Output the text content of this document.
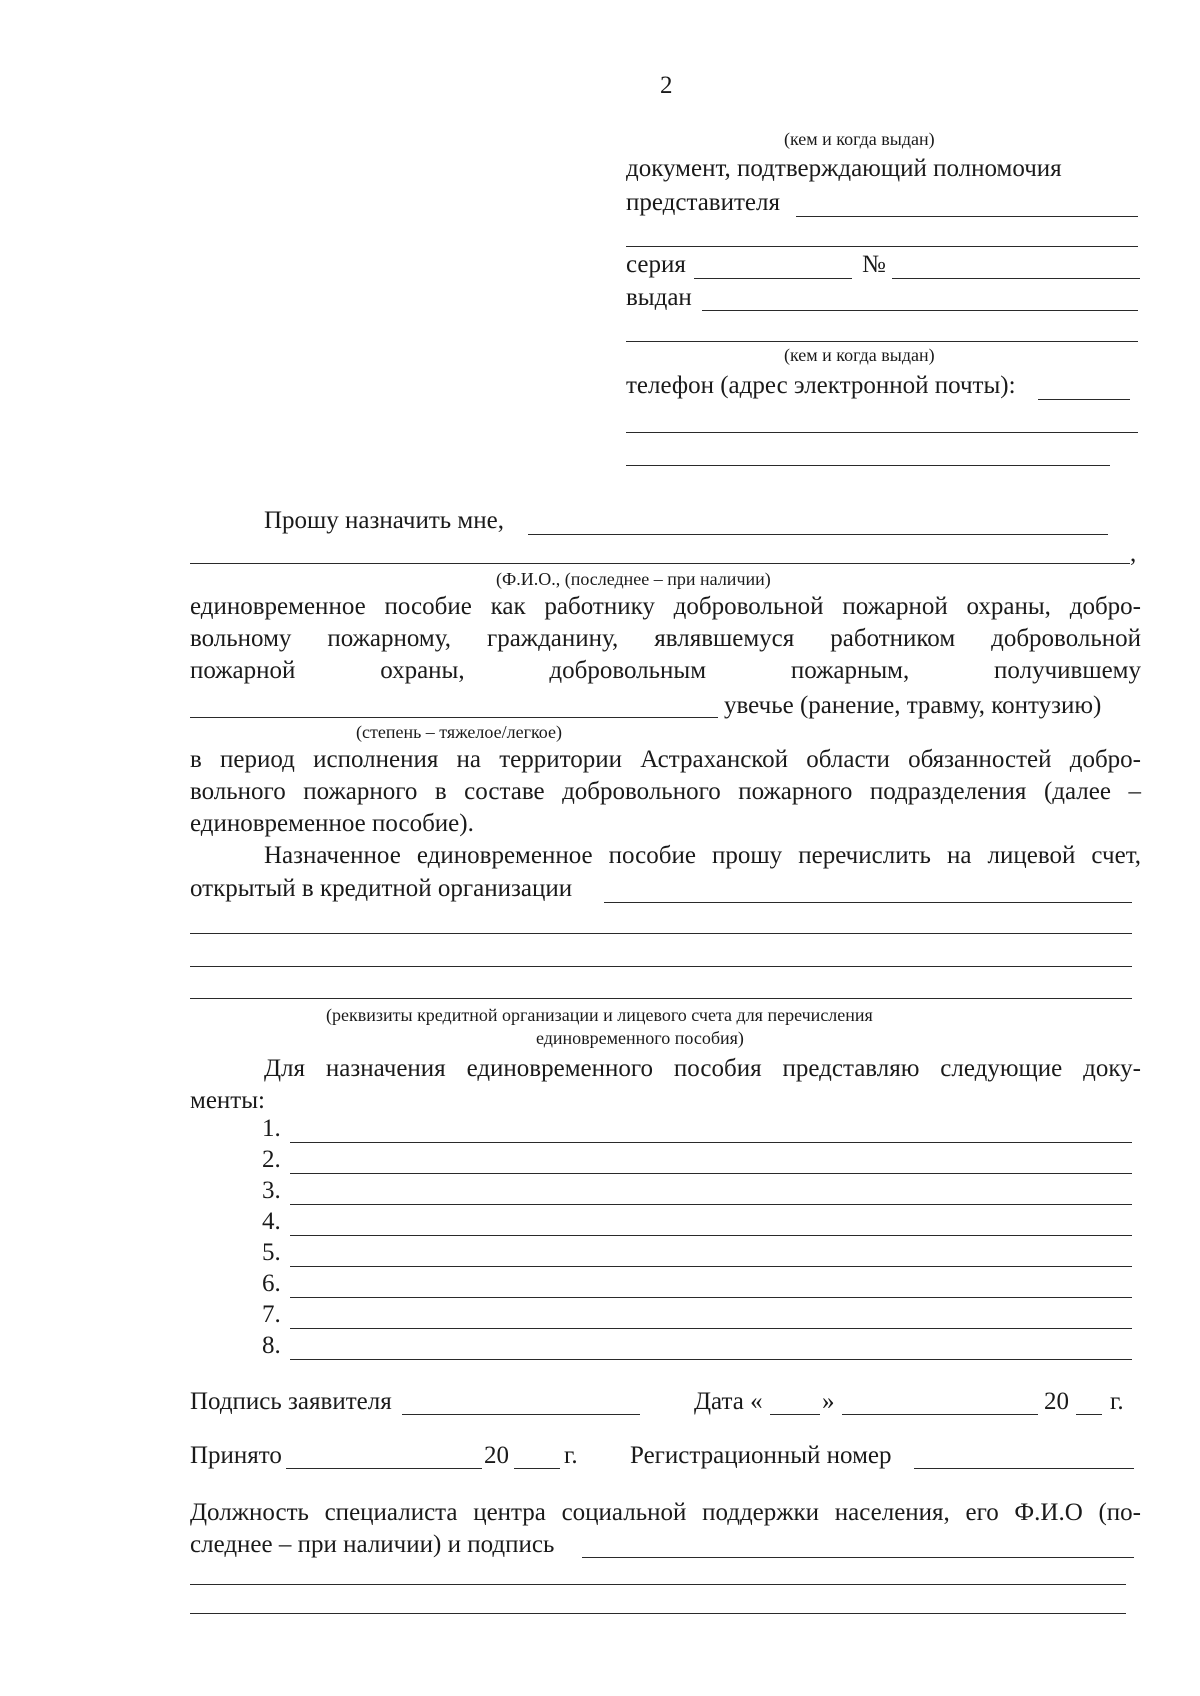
2
(кем и когда выдан)
документ, подтверждающий полномочия
представителя
серия	№
выдан
(кем и когда выдан)
телефон (адрес электронной почты):
Прошу назначить мне,
,
(Ф.И.О., (последнее – при наличии)
единовременное пособие как работнику добровольной пожарной охраны, добро-
вольному пожарному, гражданину, являвшемуся работником добровольной
пожарной	охраны,	добровольным	пожарным,	получившему
увечье (ранение, травму, контузию)
(степень – тяжелое/легкое)
в период исполнения на территории Астраханской области обязанностей добро-
вольного пожарного в составе добровольного пожарного подразделения (далее –
единовременное пособие).
Назначенное единовременное пособие прошу перечислить на лицевой счет,
открытый в кредитной организации
(реквизиты кредитной организации и лицевого счета для перечисления
единовременного пособия)
Для назначения единовременного пособия представляю следующие доку-
менты:
1.
2.
3.
4.
5.
6.
7.
8.
Подпись заявителя	Дата « »	20 г.
Принято	20 г. Регистрационный номер
Должность специалиста центра социальной поддержки населения, его Ф.И.О (по-
следнее – при наличии) и подпись
